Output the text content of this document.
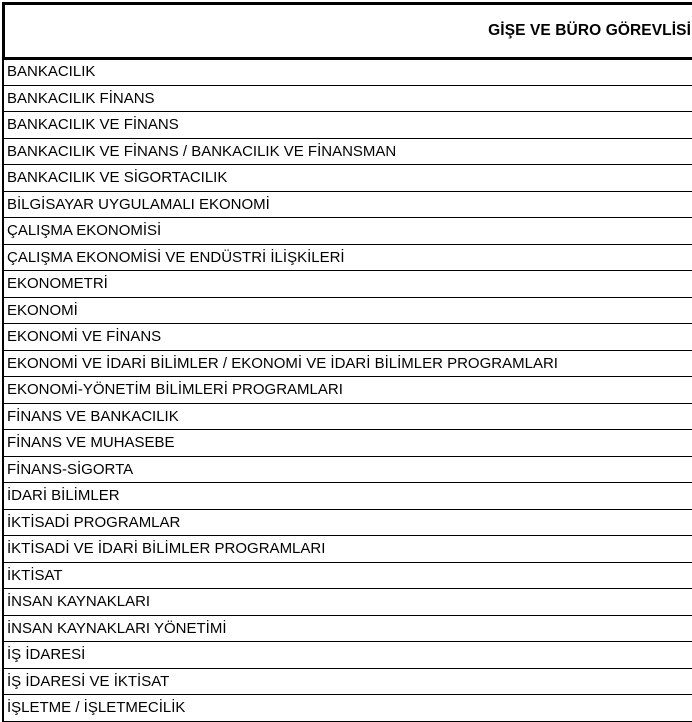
GİŞE VE BÜRO GÖREVLİSİ
BANKACILIK
BANKACILIK FİNANS
BANKACILIK VE FİNANS
BANKACILIK VE FİNANS / BANKACILIK VE FİNANSMAN
BANKACILIK VE SİGORTACILIK
BİLGİSAYAR UYGULAMALI EKONOMİ
ÇALIŞMA EKONOMİSİ
ÇALIŞMA EKONOMİSİ VE ENDÜSTRİ İLİŞKİLERİ
EKONOMETRİ
EKONOMİ
EKONOMİ VE FİNANS
EKONOMİ VE İDARİ BİLİMLER / EKONOMİ VE İDARİ BİLİMLER PROGRAMLARI
EKONOMİ-YÖNETİM BİLİMLERİ PROGRAMLARI
FİNANS VE BANKACILIK
FİNANS VE MUHASEBE
FİNANS-SİGORTA
İDARİ BİLİMLER
İKTİSADİ PROGRAMLAR
İKTİSADİ VE İDARİ BİLİMLER PROGRAMLARI
İKTİSAT
İNSAN KAYNAKLARI
İNSAN KAYNAKLARI YÖNETİMİ
İŞ İDARESİ
İŞ İDARESİ VE İKTİSAT
İŞLETME / İŞLETMECİLİK
